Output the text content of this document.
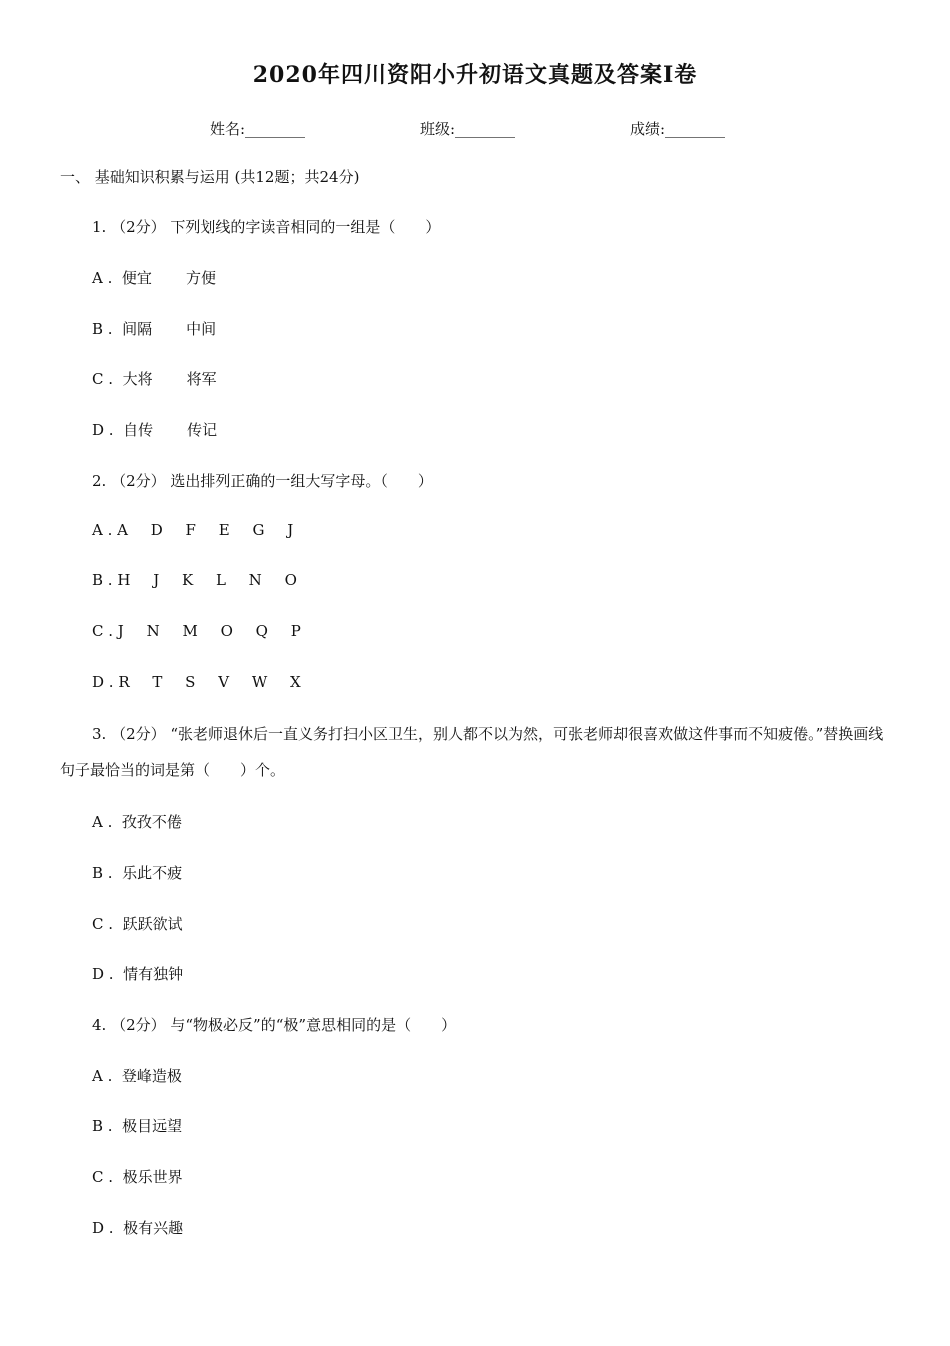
2020年四川资阳小升初语文真题及答案I卷
姓名:________	班级:________	成绩:________
一、 基础知识积累与运用 (共12题；共24分)
1. （2分） 下列划线的字读音相同的一组是（　　）
A . 便宜 方便
B . 间隔 中间
C . 大将 将军
D . 自传 传记
2. （2分） 选出排列正确的一组大写字母。（　　）
A . A D F E G J
B . H J K L N O
C . J N M O Q P
D . R T S V W X
3. （2分） “张老师退休后一直义务打扫小区卫生，别人都不以为然，可张老师却很喜欢做这件事而不知疲倦。”替换画线句子最恰当的词是第（　　）个。
A . 孜孜不倦
B . 乐此不疲
C . 跃跃欲试
D . 情有独钟
4. （2分） 与“物极必反”的“极”意思相同的是（　　）
A . 登峰造极
B . 极目远望
C . 极乐世界
D . 极有兴趣
